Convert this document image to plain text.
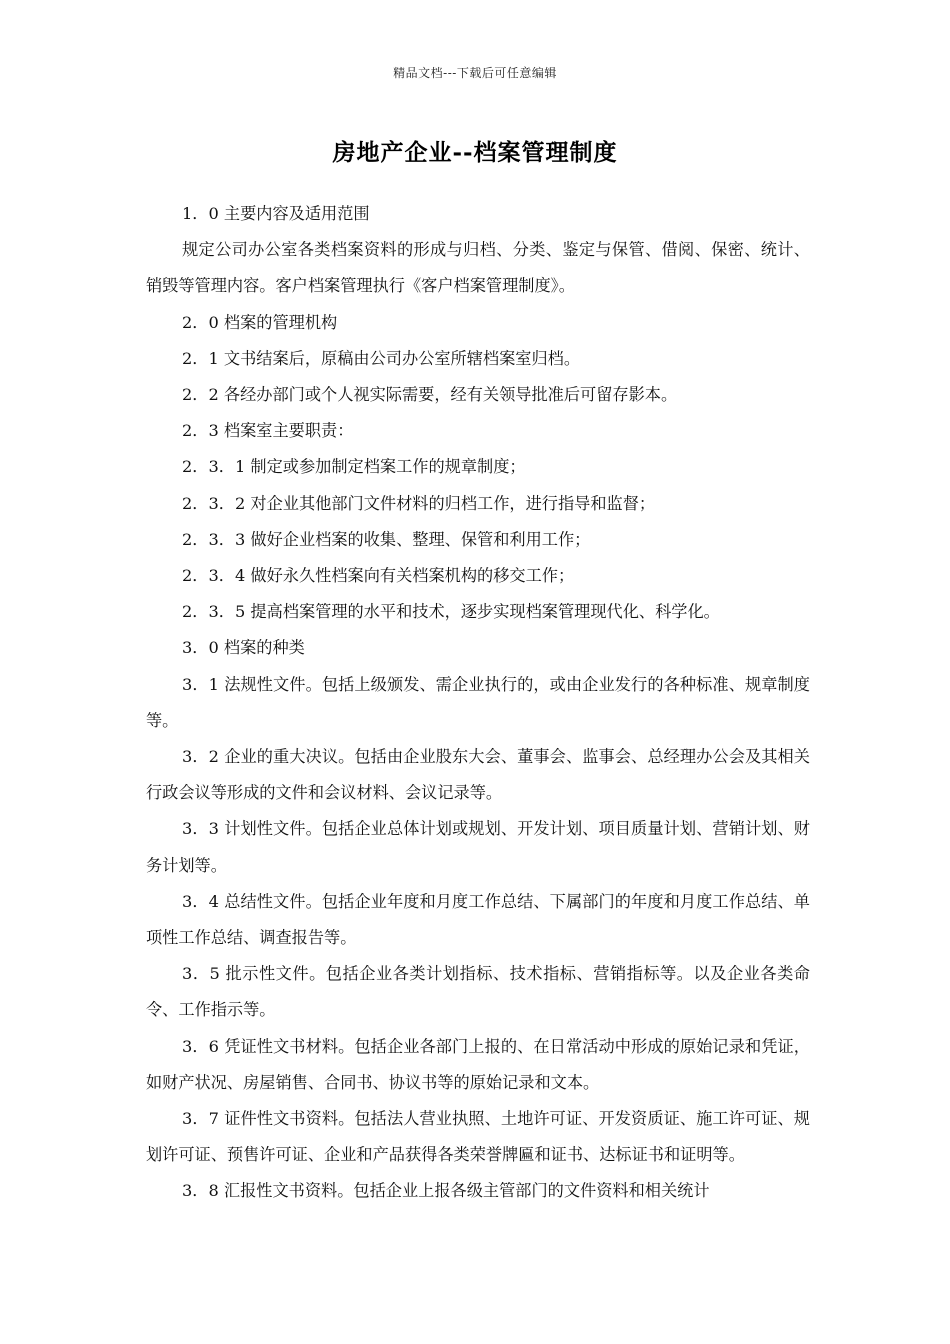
精品文档---下载后可任意编辑
房地产企业--档案管理制度

1．0 主要内容及适用范围

规定公司办公室各类档案资料的形成与归档、分类、鉴定与保管、借阅、保密、统计、销毁等管理内容。客户档案管理执行《客户档案管理制度》。

2．0 档案的管理机构

2．1 文书结案后，原稿由公司办公室所辖档案室归档。

2．2 各经办部门或个人视实际需要，经有关领导批准后可留存影本。

2．3 档案室主要职责：

2．3．1 制定或参加制定档案工作的规章制度；

2．3．2 对企业其他部门文件材料的归档工作，进行指导和监督；

2．3．3 做好企业档案的收集、整理、保管和利用工作；

2．3．4 做好永久性档案向有关档案机构的移交工作；

2．3．5 提高档案管理的水平和技术，逐步实现档案管理现代化、科学化。

3．0 档案的种类

3．1 法规性文件。包括上级颁发、需企业执行的，或由企业发行的各种标准、规章制度等。

3．2 企业的重大决议。包括由企业股东大会、董事会、监事会、总经理办公会及其相关行政会议等形成的文件和会议材料、会议记录等。

3．3 计划性文件。包括企业总体计划或规划、开发计划、项目质量计划、营销计划、财务计划等。

3．4 总结性文件。包括企业年度和月度工作总结、下属部门的年度和月度工作总结、单项性工作总结、调查报告等。

3．5 批示性文件。包括企业各类计划指标、技术指标、营销指标等。以及企业各类命令、工作指示等。

3．6 凭证性文书材料。包括企业各部门上报的、在日常活动中形成的原始记录和凭证，如财产状况、房屋销售、合同书、协议书等的原始记录和文本。

3．7 证件性文书资料。包括法人营业执照、土地许可证、开发资质证、施工许可证、规划许可证、预售许可证、企业和产品获得各类荣誉牌匾和证书、达标证书和证明等。

3．8 汇报性文书资料。包括企业上报各级主管部门的文件资料和相关统计
